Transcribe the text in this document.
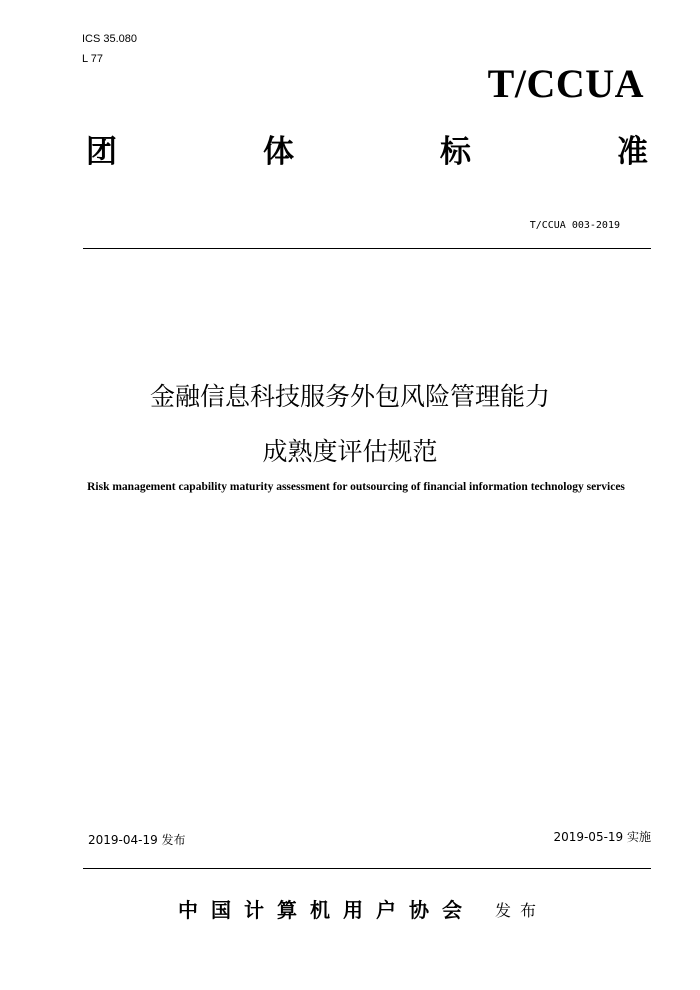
ICS 35.080
L 77
T/CCUA
团	体	标	准
T/CCUA 003-2019
金融信息科技服务外包风险管理能力
成熟度评估规范
Risk management capability maturity assessment for outsourcing of financial information technology services
2019-04-19 发布	2019-05-19 实施
中国计算机用户协会 发布
